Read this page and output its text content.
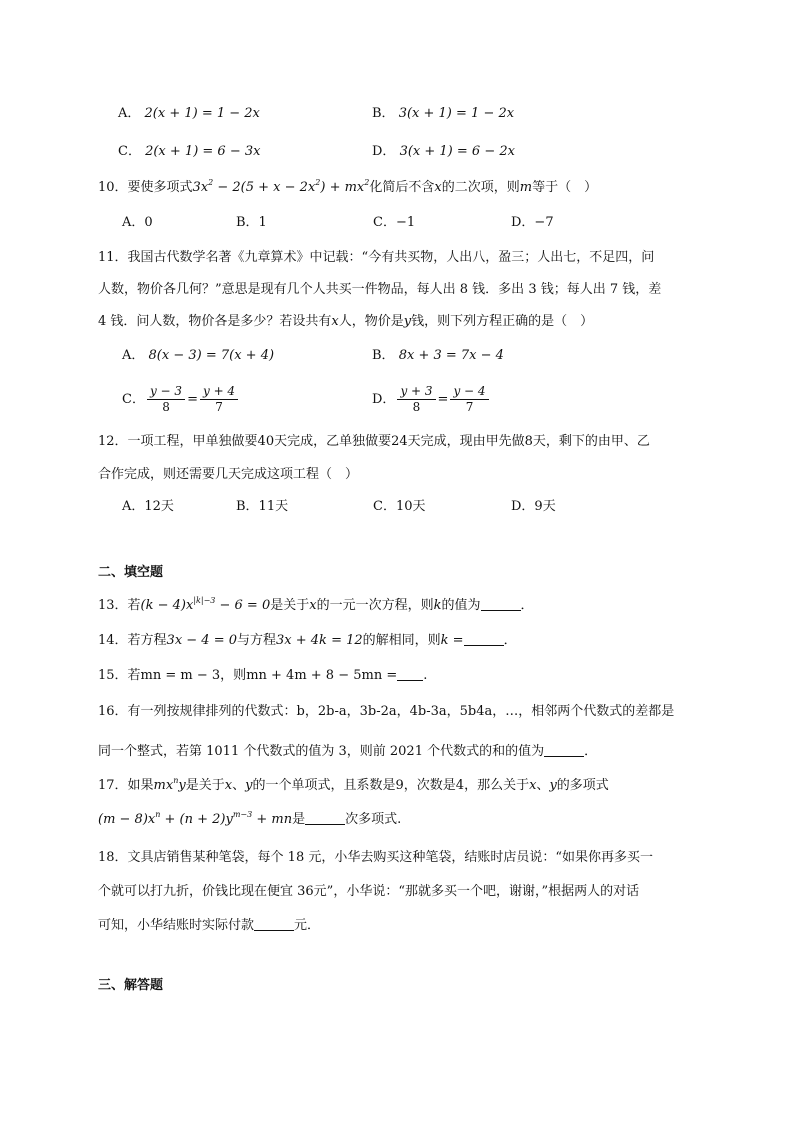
A． 2(x + 1) = 1 − 2x	B． 3(x + 1) = 1 − 2x
C． 2(x + 1) = 6 − 3x	D． 3(x + 1) = 6 − 2x
10．要使多项式$3x^2 - 2(5 + x - 2x^2) + mx^2$化简后不含x的二次项，则m等于（　）
A．0	B．1	C．−1	D．−7
11．我国古代数学名著《九章算术》中记载：“今有共买物，人出八，盈三；人出七，不足四，问
人数，物价各几何？”意思是现有几个人共买一件物品，每人出 8 钱．多出 3 钱；每人出 7 钱，差
4 钱．问人数，物价各是多少？若设共有x人，物价是y钱，则下列方程正确的是（　）
A． 8(x − 3) = 7(x + 4)	B． 8x + 3 = 7x − 4
C． $\frac{y - 3}{8} = \frac{y + 4}{7}$	D． $\frac{y + 3}{8} = \frac{y - 4}{7}$
12．一项工程，甲单独做要40天完成，乙单独做要24天完成，现由甲先做8天，剩下的由甲、乙
合作完成，则还需要几天完成这项工程（　）
A．12天	B．11天	C．10天	D．9天
二、填空题
13．若$(k - 4)x^{|k|-3} - 6 = 0$是关于x的一元一次方程，则k的值为	．
14．若方程3x − 4 = 0与方程3x + 4k = 12的解相同，则k =	．
15．若mn = m − 3，则mn + 4m + 8 − 5mn = .
16．有一列按规律排列的代数式：b，2b-a，3b-2a，4b-3a，5b4a，…，相邻两个代数式的差都是
同一个整式，若第 1011 个代数式的值为 3，则前 2021 个代数式的和的值为	．
17．如果$mx^ny$是关于x、y的一个单项式，且系数是9，次数是4，那么关于x、y的多项式
$(m - 8)x^n + (n + 2)y^{m-3}$ + mn是	次多项式.
18．文具店销售某种笔袋，每个 18 元，小华去购买这种笔袋，结账时店员说：“如果你再多买一
个就可以打九折，价钱比现在便宜 36元”，小华说：“那就多买一个吧，谢谢，”根据两人的对话
可知，小华结账时实际付款	元．
三、解答题
